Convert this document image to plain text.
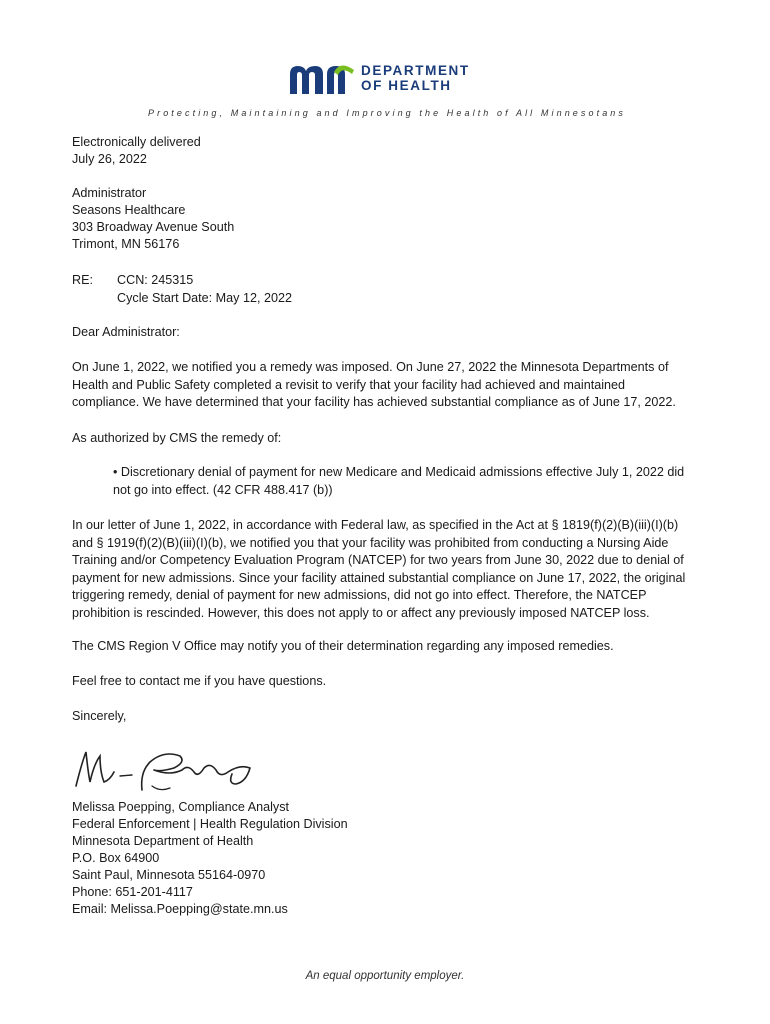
DEPARTMENT
OF HEALTH
Protecting, Maintaining and Improving the Health of All Minnesotans
Electronically delivered
July 26, 2022
Administrator
Seasons Healthcare
303 Broadway Avenue South
Trimont, MN 56176
RE: CCN: 245315
Cycle Start Date: May 12, 2022
Dear Administrator:
On June 1, 2022, we notified you a remedy was imposed. On June 27, 2022 the Minnesota Departments of Health and Public Safety completed a revisit to verify that your facility had achieved and maintained compliance. We have determined that your facility has achieved substantial compliance as of June 17, 2022.
As authorized by CMS the remedy of:
• Discretionary denial of payment for new Medicare and Medicaid admissions effective July 1, 2022 did not go into effect. (42 CFR 488.417 (b))
In our letter of June 1, 2022, in accordance with Federal law, as specified in the Act at § 1819(f)(2)(B)(iii)(I)(b) and § 1919(f)(2)(B)(iii)(I)(b), we notified you that your facility was prohibited from conducting a Nursing Aide Training and/or Competency Evaluation Program (NATCEP) for two years from June 30, 2022 due to denial of payment for new admissions. Since your facility attained substantial compliance on June 17, 2022, the original triggering remedy, denial of payment for new admissions, did not go into effect. Therefore, the NATCEP prohibition is rescinded. However, this does not apply to or affect any previously imposed NATCEP loss.
The CMS Region V Office may notify you of their determination regarding any imposed remedies.
Feel free to contact me if you have questions.
Sincerely,
Melissa Poepping, Compliance Analyst
Federal Enforcement | Health Regulation Division
Minnesota Department of Health
P.O. Box 64900
Saint Paul, Minnesota 55164-0970
Phone: 651-201-4117
Email: Melissa.Poepping@state.mn.us
An equal opportunity employer.
